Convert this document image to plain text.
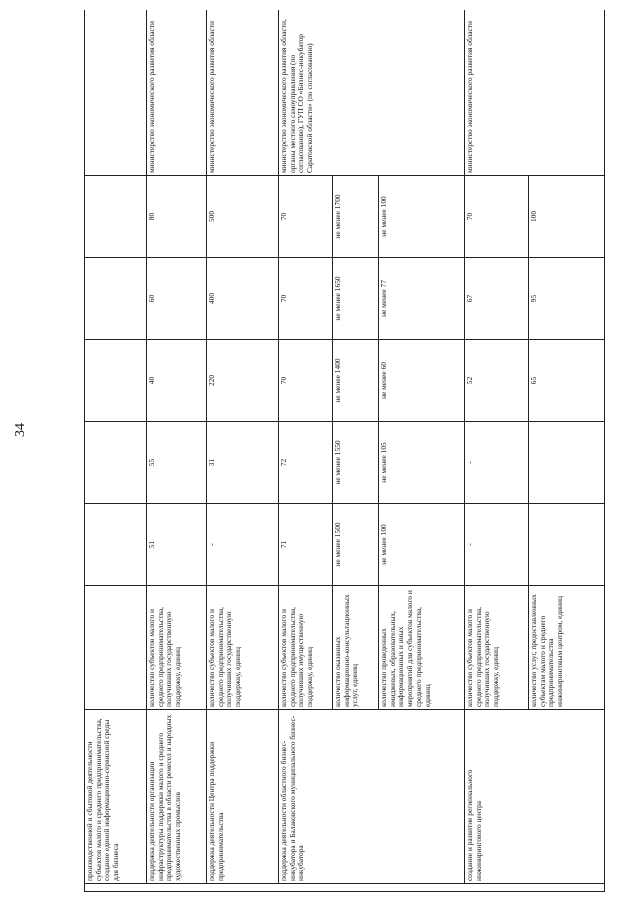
34
	производственной и сбытовой деятельности субъектов малого и среднего предпринимательства, создание единой информационно-сервисной среды для бизнеса							
	поддержка деятельности организации инфраструктуры поддержки малого и среднего предпринимательства в области ремесел и народных художественных промыслов	количество субъектов малого и среднего предпринимательства, получивших государственную поддержку, единиц	51	55	40	60	80	министерство экономического развития области
	поддержка деятельности Центра поддержки предпринимательства	количество субъектов малого и среднего предпринимательства, получивших государственную поддержку, единиц	-	31	220	400	500	министерство экономического развития области
	поддержка деятельности областного бизнес-инкубатора и Балаковского муниципального бизнес-инкубатора	количество субъектов малого и среднего предпринимательства, получивших имущественную поддержку, единиц	71	72	70	70	70	министерство экономического развития области, органы местного самоуправления (по согласованию), ГУП СО «Бизнес-инкубатор Саратовской области» (по согласованию)
		количество оказанных информационно-консультационных услуг, единиц	не менее 1500	не менее 1550	не менее 1400	не менее 1650	не менее 1700	
		количество проведенных имиджевых, образовательных, информационных и иных мероприятий для субъектов малого и среднего предпринимательства, единиц	не менее 100	не менее 105	не менее 60	не менее 77	не менее 100	
	создание и развитие регионального инжинирингового центра	количество субъектов малого и среднего предпринимательства, получивших государственную поддержку, единиц	-	-	52	67	70	министерство экономического развития области
		количество услуг, предоставленных субъектам малого и среднего предпринимательства инжиниринговым центром, единиц			65	95	100	
